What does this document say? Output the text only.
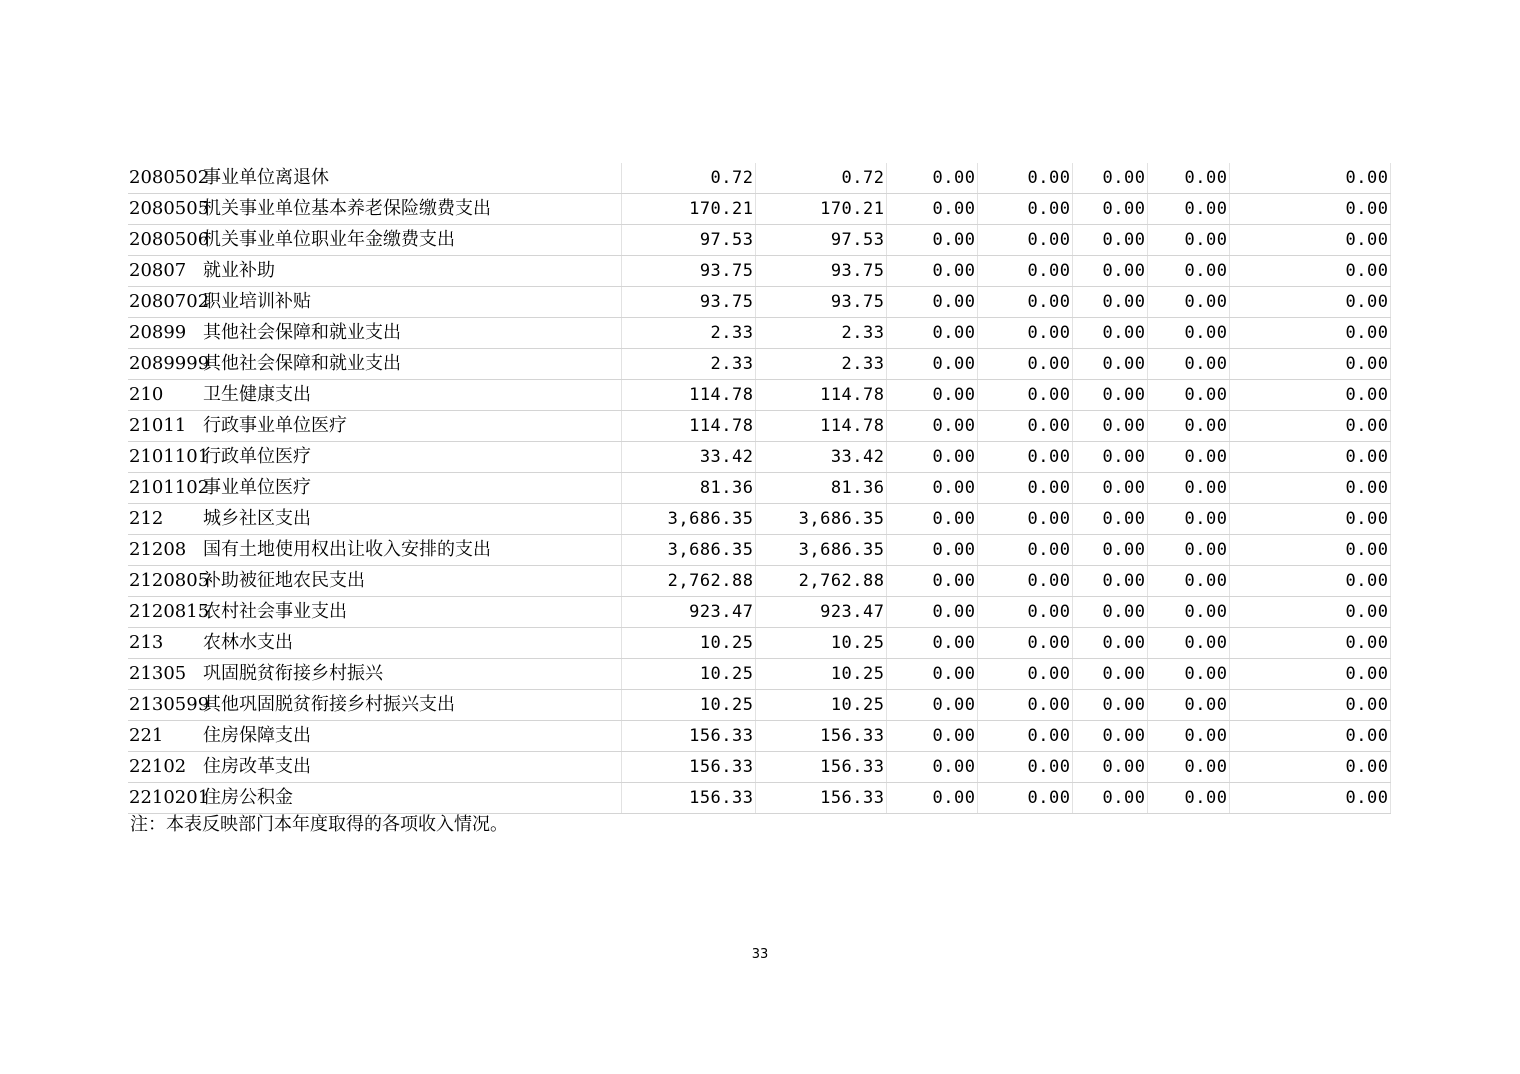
2080502	事业单位离退休	0.72	0.72	0.00	0.00	0.00	0.00	0.00
2080505	机关事业单位基本养老保险缴费支出	170.21	170.21	0.00	0.00	0.00	0.00	0.00
2080506	机关事业单位职业年金缴费支出	97.53	97.53	0.00	0.00	0.00	0.00	0.00
20807	就业补助	93.75	93.75	0.00	0.00	0.00	0.00	0.00
2080702	职业培训补贴	93.75	93.75	0.00	0.00	0.00	0.00	0.00
20899	其他社会保障和就业支出	2.33	2.33	0.00	0.00	0.00	0.00	0.00
2089999	其他社会保障和就业支出	2.33	2.33	0.00	0.00	0.00	0.00	0.00
210	卫生健康支出	114.78	114.78	0.00	0.00	0.00	0.00	0.00
21011	行政事业单位医疗	114.78	114.78	0.00	0.00	0.00	0.00	0.00
2101101	行政单位医疗	33.42	33.42	0.00	0.00	0.00	0.00	0.00
2101102	事业单位医疗	81.36	81.36	0.00	0.00	0.00	0.00	0.00
212	城乡社区支出	3,686.35	3,686.35	0.00	0.00	0.00	0.00	0.00
21208	国有土地使用权出让收入安排的支出	3,686.35	3,686.35	0.00	0.00	0.00	0.00	0.00
2120805	补助被征地农民支出	2,762.88	2,762.88	0.00	0.00	0.00	0.00	0.00
2120815	农村社会事业支出	923.47	923.47	0.00	0.00	0.00	0.00	0.00
213	农林水支出	10.25	10.25	0.00	0.00	0.00	0.00	0.00
21305	巩固脱贫衔接乡村振兴	10.25	10.25	0.00	0.00	0.00	0.00	0.00
2130599	其他巩固脱贫衔接乡村振兴支出	10.25	10.25	0.00	0.00	0.00	0.00	0.00
221	住房保障支出	156.33	156.33	0.00	0.00	0.00	0.00	0.00
22102	住房改革支出	156.33	156.33	0.00	0.00	0.00	0.00	0.00
2210201	住房公积金	156.33	156.33	0.00	0.00	0.00	0.00	0.00
注：本表反映部门本年度取得的各项收入情况。
33
